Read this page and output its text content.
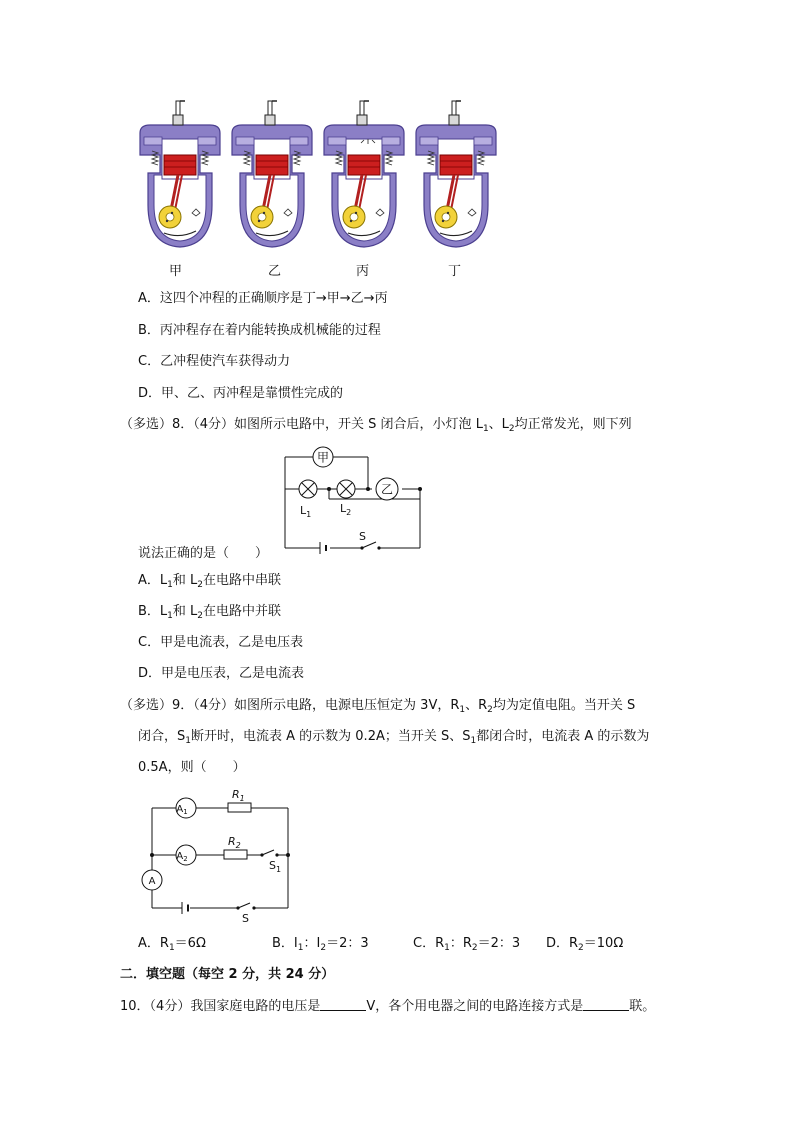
甲	乙	丙	丁
A．这四个冲程的正确顺序是丁→甲→乙→丙
B．丙冲程存在着内能转换成机械能的过程
C．乙冲程使汽车获得动力
D．甲、乙、丙冲程是靠惯性完成的
（多选）8．（4分）如图所示电路中，开关 S 闭合后，小灯泡 $L_1$、$L_2$均正常发光，则下列
甲
乙
$L_1$	$L_2$
S
说法正确的是（　　）
A．$L_1$和 $L_2$在电路中串联
B．$L_1$和 $L_2$在电路中并联
C．甲是电流表，乙是电压表
D．甲是电压表，乙是电流表
（多选）9．（4分）如图所示电路，电源电压恒定为 3V，$R_1$、$R_2$均为定值电阻。当开关 S
闭合，$S_1$断开时，电流表 A 的示数为 0.2A；当开关 S、$S_1$都闭合时，电流表 A 的示数为
0.5A，则（　　）
$A_1$
$A_2$
A
$R_1$
$R_2$
$S_1$
S
A．$R_1=6\Omega$	B．$I_1$：$I_2=2$：3	C．$R_1$：$R_2=2$：3 D．$R_2=10\Omega$
二．填空题（每空 2 分，共 24 分）
10．（4分）我国家庭电路的电压是	V，各个用电器之间的电路连接方式是	联。
